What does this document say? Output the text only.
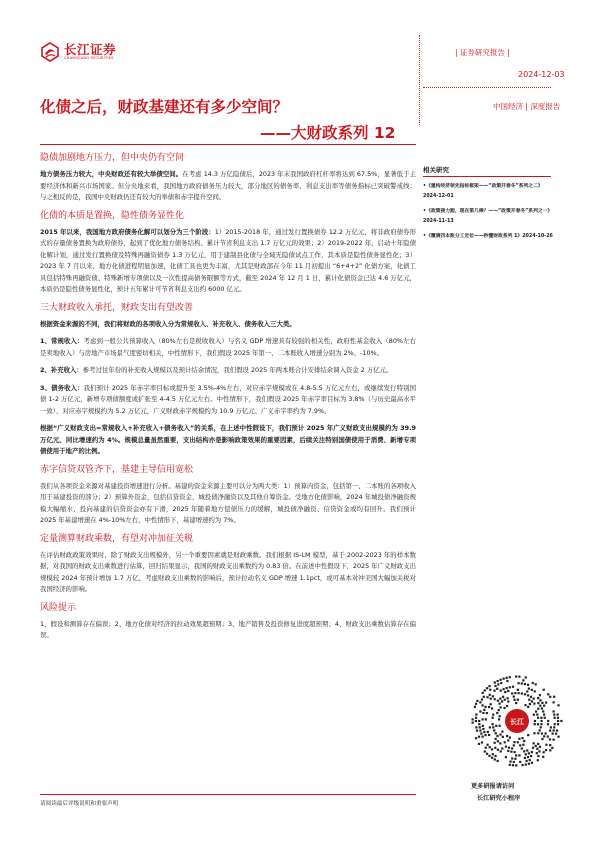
长江证券
CHANGJIANG SECURITIES
| 证券研究报告 |
2024-12-03
中国经济 | 深度报告
化债之后，财政基建还有多少空间？
——大财政系列 12
隐债加剧地方压力，但中央仍有空间
地方债务压力较大，中央财政还有较大举债空间。在考虑 14.3 万亿隐债后，2023 年末我国政府杠杆率将达到 67.5%，显著低于主要经济体和新兴市场国家。但分央地来看，我国地方政府债务压力较大，部分地区的债务率、利息支出率等债务指标已突破警戒线；与之相反的是，我国中央财政仍还有较大的举债和赤字提升空间。
化债的本质是置换，隐性债务显性化
2015 年以来，我国地方政府债务化解可以划分为三个阶段：1）2015-2018 年，通过发行置换债券 12.2 万亿元，将非政府债券形式的存量债务置换为政府债券，起到了优化地方债务结构、累计节省利息支出 1.7 万亿元的效果；2）2019-2022 年，启动十年隐债化解计划，通过发行置换债及特殊再融资债券 1.3 万亿元，用于建制县化债与全域无隐债试点工作，其本质是隐性债务显性化；3）2023 年 7 月以来，地方化债进程明显加速，化债工具也更为丰富，尤其是财政部在今年 11 月初提出 “6+4+2” 化债方案，化债工具包括特殊再融资债、特殊新增专项债以及一次性提高债务限额等方式，截至 2024 年 12 月 1 日，累计化债资金已达 4.6 万亿元，本质仍是隐性债务显性化，预计五年累计可节省利息支出约 6000 亿元。
三大财政收入承托，财政支出有望改善
根据资金来源的不同，我们将财政的各项收入分为常规收入、补充收入、债务收入三大类。
1、常规收入：考虑到一般公共预算收入（80%左右是税收收入）与名义 GDP 增速具有较强的相关性，政府性基金收入（80%左右是卖地收入）与房地产市场景气度密切相关，中性情形下，我们假设 2025 年第一、二本账收入增速分别为 2%、-10%。
2、补充收入：参考过往年份的补充收入规模以及预计结余情况，我们假设 2025 年两本账合计安排结余调入资金 2 万亿元。
3、债务收入：我们预计 2025 年赤字率目标或提升至 3.5%-4%左右，对应赤字规模或在 4.8-5.5 万亿元左右，或继续发行特别国债 1-2 万亿元，新增专项债额度或扩张至 4-4.5 万亿元左右。中性情形下，我们假设 2025 年赤字率目标为 3.8%（与历史最高水平一致）、对应赤字规模约为 5.2 万亿元，广义财政赤字规模约为 10.9 万亿元、广义赤字率约为 7.9%。
根据“广义财政支出=常规收入+补充收入+债务收入”的关系，在上述中性假设下，我们预计 2025 年广义财政支出规模约为 39.9 万亿元、同比增速约为 4%。规模总量虽然重要，支出结构亦是影响政策效果的重要因素，后续关注特别国债使用于消费、新增专项债使用于地产的比例。
赤字信贷双管齐下，基建主导信用宽松
我们从各项资金来源对基建投资增速进行分析。基建的资金来源主要可以分为两大类：1）预算内资金，包括第一、二本账的各项收入用于基建投资的部分；2）预算外资金，包括信贷资金、城投债净融资以及其他自筹资金。受地方化债影响，2024 年城投债净融资规模大幅缩水、投向基建的信贷资金亦有下滑，2025 年随着地方偿债压力的缓解，城投债净融资、信贷资金或均有回升。我们预计 2025 年基建增速在 4%-10%左右，中性情形下，基建增速约为 7%。
定量测算财政乘数，有望对冲加征关税
在评估财政政策效果时，除了财政支出规模外，另一个重要因素就是财政乘数。我们根据 IS-LM 模型，基于 2002-2023 年的样本数据，对我国的财政支出乘数进行估算，回归结果显示，我国的财政支出乘数约为 0.83 倍。在前述中性假设下，2025 年广义财政支出规模较 2024 年预计增加 1.7 万亿，考虑财政支出乘数的影响后，预计拉动名义 GDP 增速 1.1pct，或可基本对冲美国大幅加关税对我国经济的影响。
风险提示
1、假设和测算存在偏误；2、地方化债对经济的拉动效果超预期；3、地产销售及投资修复进度超预期；4、财政支出乘数估算存在偏误。
相关研究
•《重构经济领先指标框架——“政策开春冬”系列之二》2024-12-01
•《政策接力跑，现在第几棒？——“政策开春冬”系列之一》2024-11-13
•《覆满四本账分工定位——秒懂财政系列 1》2024-10-26
长江
更多研报请访问
长江研究小程序
请阅读最后评级说明和重要声明
